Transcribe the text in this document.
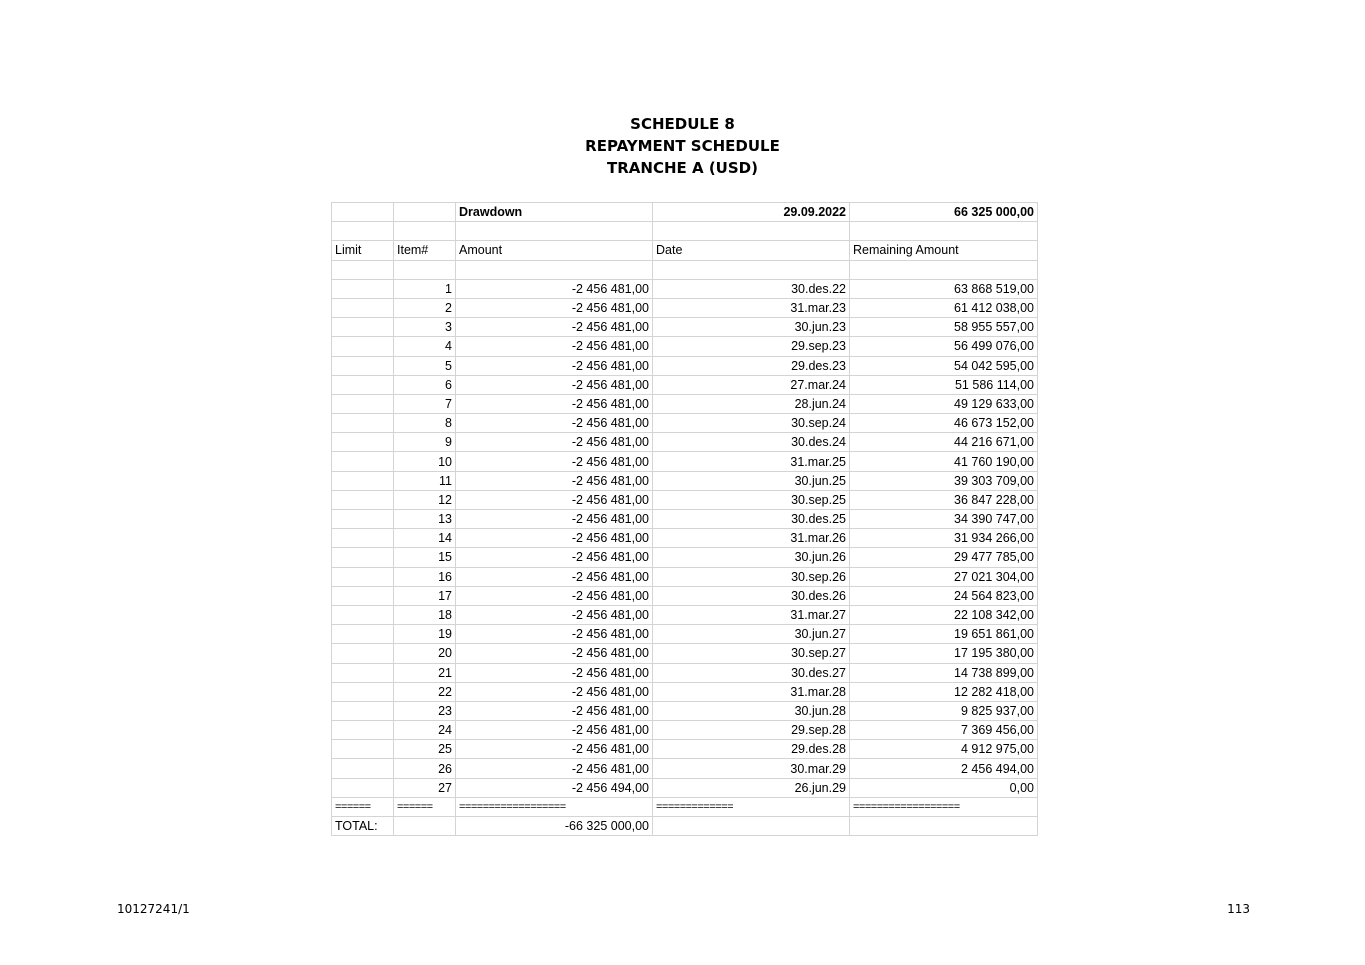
SCHEDULE 8
REPAYMENT SCHEDULE
TRANCHE A (USD)
		Drawdown	29.09.2022	66 325 000,00

Limit	Item#	Amount	Date	Remaining Amount

	1	-2 456 481,00	30.des.22	63 868 519,00
	2	-2 456 481,00	31.mar.23	61 412 038,00
	3	-2 456 481,00	30.jun.23	58 955 557,00
	4	-2 456 481,00	29.sep.23	56 499 076,00
	5	-2 456 481,00	29.des.23	54 042 595,00
	6	-2 456 481,00	27.mar.24	51 586 114,00
	7	-2 456 481,00	28.jun.24	49 129 633,00
	8	-2 456 481,00	30.sep.24	46 673 152,00
	9	-2 456 481,00	30.des.24	44 216 671,00
	10	-2 456 481,00	31.mar.25	41 760 190,00
	11	-2 456 481,00	30.jun.25	39 303 709,00
	12	-2 456 481,00	30.sep.25	36 847 228,00
	13	-2 456 481,00	30.des.25	34 390 747,00
	14	-2 456 481,00	31.mar.26	31 934 266,00
	15	-2 456 481,00	30.jun.26	29 477 785,00
	16	-2 456 481,00	30.sep.26	27 021 304,00
	17	-2 456 481,00	30.des.26	24 564 823,00
	18	-2 456 481,00	31.mar.27	22 108 342,00
	19	-2 456 481,00	30.jun.27	19 651 861,00
	20	-2 456 481,00	30.sep.27	17 195 380,00
	21	-2 456 481,00	30.des.27	14 738 899,00
	22	-2 456 481,00	31.mar.28	12 282 418,00
	23	-2 456 481,00	30.jun.28	9 825 937,00
	24	-2 456 481,00	29.sep.28	7 369 456,00
	25	-2 456 481,00	29.des.28	4 912 975,00
	26	-2 456 481,00	30.mar.29	2 456 494,00
	27	-2 456 494,00	26.jun.29	0,00
======	======	==================	=============	==================
TOTAL:		-66 325 000,00		
10127241/1	113
